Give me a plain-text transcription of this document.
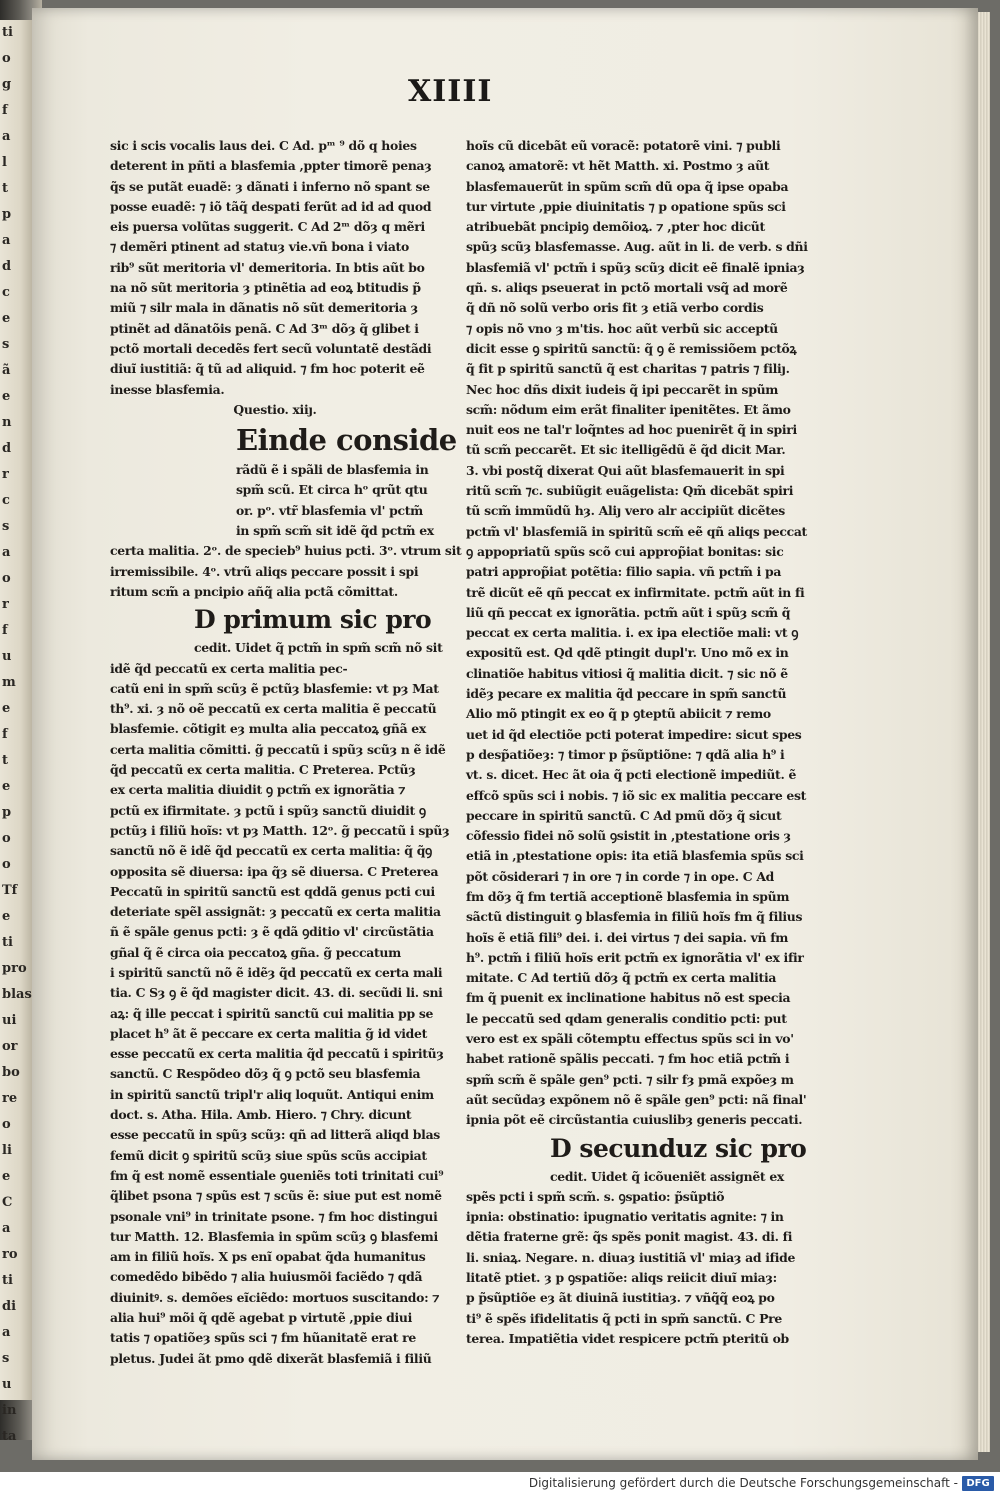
ti
o
g
f
a
l
t
p
a
d
c
e
s
ã
e
n
d
r
c
s
a
o
r
f
u
m
e
f
t
e
p
o
o
Tf
e
ti
pro
blas
ui
or
bo
re
o
li
e
C
a
ro
ti
di
a
s
u
in
ta
XIIII
sic i scis vocalis laus dei. C Ad. pᵐ ⁹ dõ q hoies
deterent in pñti a blasfemia ,ppter timorẽ penaȝ
q̃s se putãt euadẽ: ȝ dãnati i inferno nõ spant se
posse euadẽ: ⁊ iõ tãq̃ despati ferũt ad id ad quod
eis puersa volũtas suggerit. C Ad 2ᵐ dõȝ q mẽri
⁊ demẽri ptinent ad statuȝ vie.vñ bona i viato
rib⁹ sũt meritoria vl' demeritoria. In btis aũt bo
na nõ sũt meritoria ȝ ptinẽtia ad eoꝝ btitudis p̃
miũ ⁊ silr mala in dãnatis nõ sũt demeritoria ȝ
ptinẽt ad dãnatõis penã. C Ad 3ᵐ dõȝ q̃ glibet i
pctõ mortali decedẽs fert secũ voluntatẽ destãdi
diuĩ iustitiã: q̃ tũ ad aliquid. ⁊ fm hoc poterit eẽ
inesse blasfemia.
Questio. xiiȷ.
Einde conside
rãdũ ẽ i spãli de blasfemia in
spm̃ scũ. Et circa hᵒ qrũt qtu
or. pᵒ. vtr̃ blasfemia vl' pctm̃
in spm̃ scm̃ sit idẽ q̃d pctm̃ ex
certa malitia. 2ᵒ. de specieb⁹ huius pcti. 3ᵒ. vtrum sit
irremissibile. 4ᵒ. vtrũ aliqs peccare possit i spi
ritum scm̃ a pncipio añq̃ alia pctã cõmittat.
D primum sic pro
cedit. Uidet q̃ pctm̃ in spm̃ scm̃ nõ sit
idẽ q̃d peccatũ ex certa malitia pec-
catũ eni in spm̃ scũȝ ẽ pctũȝ blasfemie: vt pȝ Mat
th⁹. xi. ȝ nõ oẽ peccatũ ex certa malitia ẽ peccatũ
blasfemie. cõtigit eȝ multa alia peccatoꝝ gñã ex
certa malitia cõmitti. g̃ peccatũ i spũȝ scũȝ n ẽ idẽ
q̃d peccatũ ex certa malitia. C Preterea. Pctũȝ
ex certa malitia diuidit ꝯ pctm̃ ex ignorãtia ⁊
pctũ ex ifirmitate. ȝ pctũ i spũȝ sanctũ diuidit ꝯ
pctũȝ i filiũ hoĩs: vt pȝ Matth. 12ᵒ. g̃ peccatũ i spũȝ
sanctũ nõ ẽ idẽ q̃d peccatũ ex certa malitia: q̃ q̃ꝯ
opposita sẽ diuersa: ipa q̃ȝ sẽ diuersa. C Preterea
Peccatũ in spiritũ sanctũ est qddã genus pcti cui
deteriate spẽl assignãt: ȝ peccatũ ex certa malitia
ñ ẽ spãle genus pcti: ȝ ẽ qdã ꝯditio vl' circũstãtia
gñal q̃ ẽ circa oia peccatoꝝ gña. g̃ peccatum
i spiritũ sanctũ nõ ẽ idẽȝ q̃d peccatũ ex certa mali
tia. C Sȝ ꝯ ẽ q̃d magister dicit. 43. di. secũdi li. sni
aꝝ: q̃ ille peccat i spiritũ sanctũ cui malitia pp se
placet h⁹ ãt ẽ peccare ex certa malitia g̃ id videt
esse peccatũ ex certa malitia q̃d peccatũ i spiritũȝ
sanctũ. C Respõdeo dõȝ q̃ ꝯ pctõ seu blasfemia
in spiritũ sanctũ tripl'r aliq loquũt. Antiqui enim
doct. s. Atha. Hila. Amb. Hiero. ⁊ Chry. dicunt
esse peccatũ in spũȝ scũȝ: qñ ad litterã aliqd blas
femũ dicit ꝯ spiritũ scũȝ siue spũs scũs accipiat
fm q̃ est nomẽ essentiale ꝯueniẽs toti trinitati cui⁹
q̃libet psona ⁊ spũs est ⁊ scũs ẽ: siue put est nomẽ
psonale vni⁹ in trinitate psone. ⁊ fm hoc distingui
tur Matth. 12. Blasfemia in spũm scũȝ ꝯ blasfemi
am in filiũ hoĩs. X ps enĩ opabat q̃da humanitus
comedẽdo bibẽdo ⁊ alia huiusmõi faciẽdo ⁊ qdã
diuinitꝰ. s. demões eĩciẽdo: mortuos suscitando: ⁊
alia hui⁹ mõi q̃ qdẽ agebat p virtutẽ ,ppie diui
tatis ⁊ opatiõeȝ spũs sci ⁊ fm hũanitatẽ erat re
pletus. Judei ãt pmo qdẽ dixerãt blasfemiã i filiũ
hoĩs cũ dicebãt eũ voracẽ: potatorẽ vini. ⁊ publi
canoꝝ amatorẽ: vt hẽt Matth. xi. Postmo ȝ aũt
blasfemauerũt in spũm scm̃ dũ opa q̃ ipse opaba
tur virtute ,ppie diuinitatis ⁊ p opatione spũs sci
atribuebãt pncipiꝯ demõioꝝ. ⁊ ,pter hoc dicũt
spũȝ scũȝ blasfemasse. Aug. aũt in li. de verb. s dñi
blasfemiã vl' pctm̃ i spũȝ scũȝ dicit eẽ finalẽ ipniaȝ
qñ. s. aliqs pseuerat in pctõ mortali vsq̃ ad morẽ
q̃ dñ nõ solũ verbo oris fit ȝ etiã verbo cordis
⁊ opis nõ vno ȝ m'tis. hoc aũt verbũ sic acceptũ
dicit esse ꝯ spiritũ sanctũ: q̃ ꝯ ẽ remissiõem pctõꝝ
q̃ fit p spiritũ sanctũ q̃ est charitas ⁊ patris ⁊ filiȷ.
Nec hoc dñs dixit iudeis q̃ ipi peccarẽt in spũm
scm̃: nõdum eim erãt finaliter ipenitẽtes. Et ãmo
nuit eos ne tal'r loq̃ntes ad hoc puenirẽt q̃ in spiri
tũ scm̃ peccarẽt. Et sic itelligẽdũ ẽ q̃d dicit Mar.
3. vbi postq̃ dixerat Qui aũt blasfemauerit in spi
ritũ scm̃ ⁊c. subiũgit euãgelista: Qm̃ dicebãt spiri
tũ scm̃ immũdũ hȝ. Aliȷ vero alr accipiũt dicẽtes
pctm̃ vl' blasfemiã in spiritũ scm̃ eẽ qñ aliqs peccat
ꝯ appopriatũ spũs scõ cui approp̃iat bonitas: sic
patri approp̃iat potẽtia: filio sapia. vñ pctm̃ i pa
trẽ dicũt eẽ qñ peccat ex infirmitate. pctm̃ aũt in fi
liũ qñ peccat ex ignorãtia. pctm̃ aũt i spũȝ scm̃ q̃
peccat ex certa malitia. i. ex ipa electiõe mali: vt ꝯ
expositũ est. Qd qdẽ ptingit dupl'r. Uno mõ ex in
clinatiõe habitus vitiosi q̃ malitia dicit. ⁊ sic nõ ẽ
idẽȝ pecare ex malitia q̃d peccare in spm̃ sanctũ
Alio mõ ptingit ex eo q̃ p ꝯteptũ abiicit ⁊ remo
uet id q̃d electiõe pcti poterat impedire: sicut spes
p desp̃atiõeȝ: ⁊ timor p p̃sũptiõne: ⁊ qdã alia h⁹ i
vt. s. dicet. Hec ãt oia q̃ pcti electionẽ impediũt. ẽ
effcõ spũs sci i nobis. ⁊ iõ sic ex malitia peccare est
peccare in spiritũ sanctũ. C Ad pmũ dõȝ q̃ sicut
cõfessio fidei nõ solũ ꝯsistit in ,ptestatione oris ȝ
etiã in ,ptestatione opis: ita etiã blasfemia spũs sci
põt cõsiderari ⁊ in ore ⁊ in corde ⁊ in ope. C Ad
fm dõȝ q̃ fm tertiã acceptionẽ blasfemia in spũm
sãctũ distinguit ꝯ blasfemia in filiũ hoĩs fm q̃ filius
hoĩs ẽ etiã fili⁹ dei. i. dei virtus ⁊ dei sapia. vñ fm
h⁹. pctm̃ i filiũ hoĩs erit pctm̃ ex ignorãtia vl' ex ifir
mitate. C Ad tertiũ dõȝ q̃ pctm̃ ex certa malitia
fm q̃ puenit ex inclinatione habitus nõ est specia
le peccatũ sed qdam generalis conditio pcti: put
vero est ex spãli cõtemptu effectus spũs sci in vo'
habet rationẽ spãlis peccati. ⁊ fm hoc etiã pctm̃ i
spm̃ scm̃ ẽ spãle gen⁹ pcti. ⁊ silr fȝ pmã expõeȝ m
aũt secũdaȝ expõnem nõ ẽ spãle gen⁹ pcti: nã final'
ipnia põt eẽ circũstantia cuiuslibȝ generis peccati.
D secunduz sic pro
cedit. Uidet q̃ icõueniẽt assignẽt ex
spẽs pcti i spm̃ scm̃. s. ꝯspatio: p̃sũptiõ
ipnia: obstinatio: ipugnatio veritatis agnite: ⁊ in
dẽtia fraterne grẽ: q̃s spẽs ponit magist. 43. di. fi
li. sniaꝝ. Negare. n. diuaȝ iustitiã vl' miaȝ ad ifide
litatẽ ptiet. ȝ p ꝯspatiõe: aliqs reiicit diuĩ miaȝ:
p p̃sũptiõe eȝ ãt diuinã iustitiaȝ. ⁊ vñq̃q̃ eoꝝ po
ti⁹ ẽ spẽs ifidelitatis q̃ pcti in spm̃ sanctũ. C Pre
terea. Impatiẽtia videt respicere pctm̃ pteritũ ob
Digitalisierung gefördert durch die Deutsche Forschungsgemeinschaft - DFG
